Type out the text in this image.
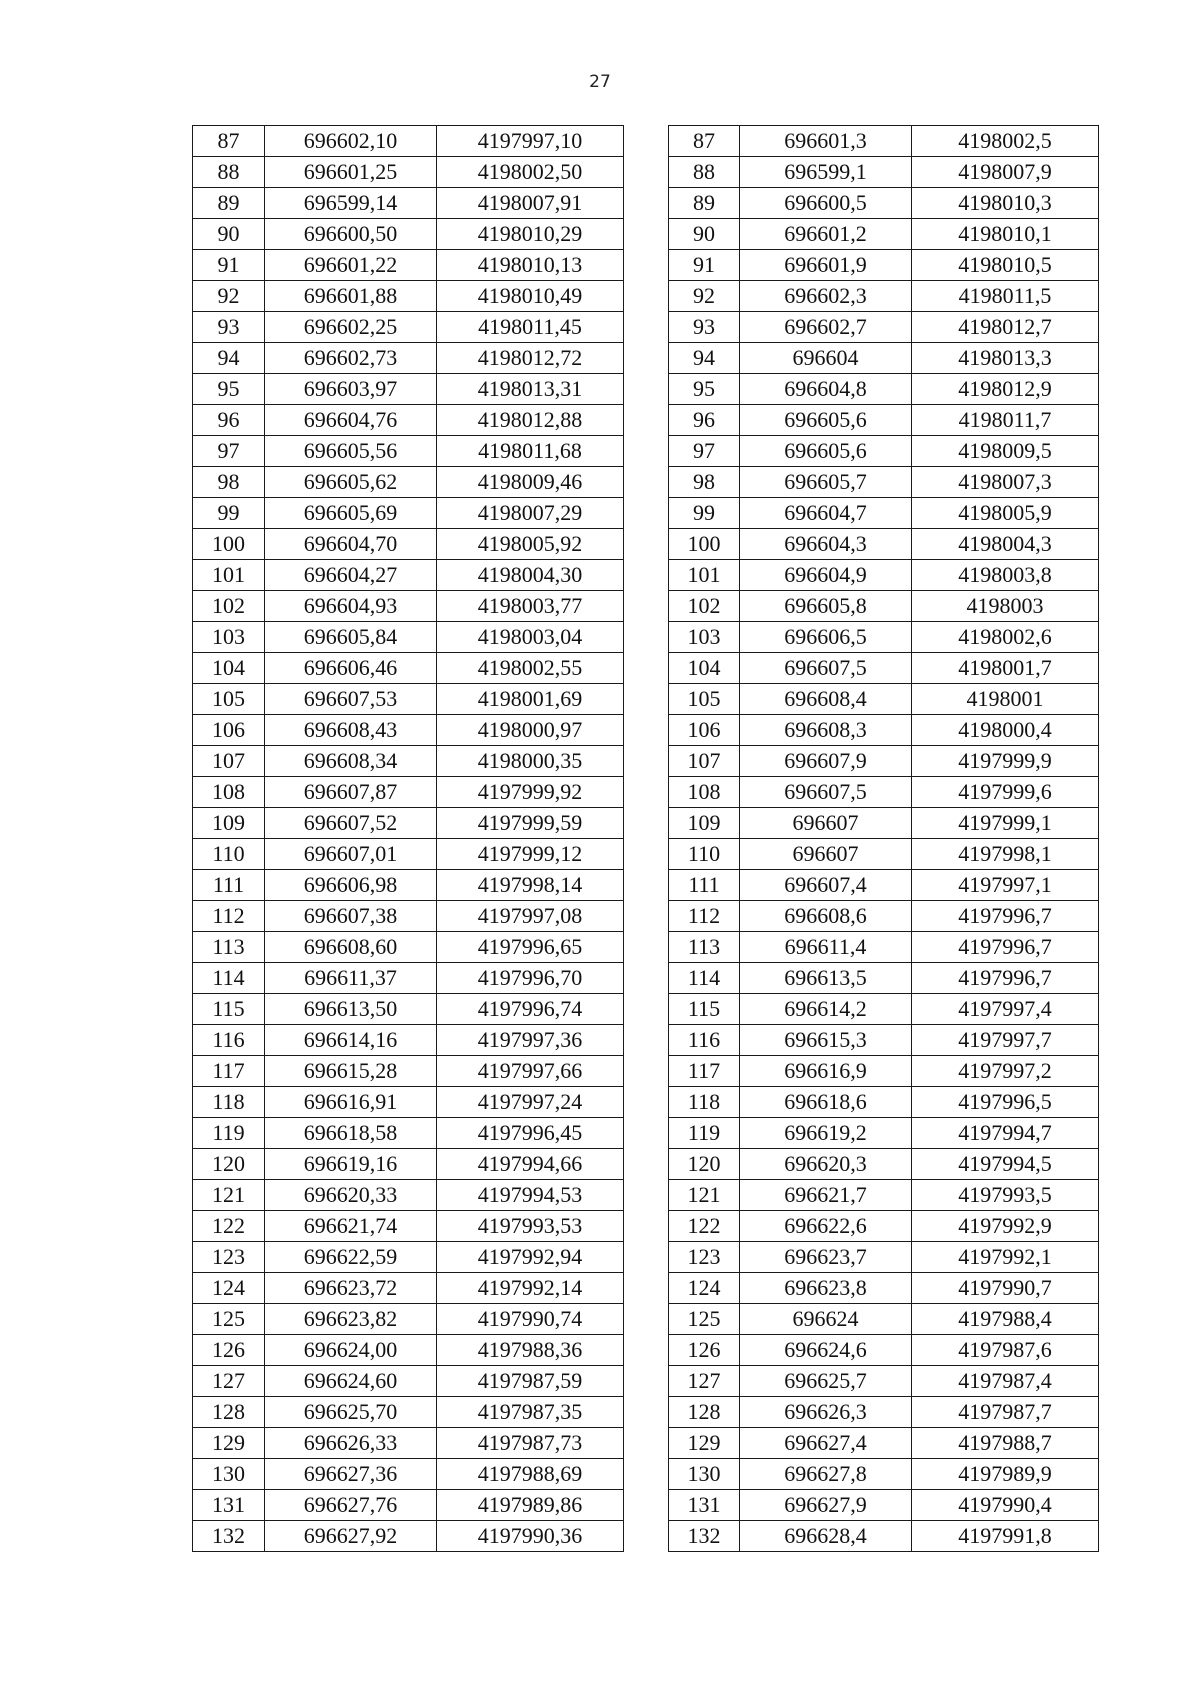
27
87	696602,10	4197997,10
88	696601,25	4198002,50
89	696599,14	4198007,91
90	696600,50	4198010,29
91	696601,22	4198010,13
92	696601,88	4198010,49
93	696602,25	4198011,45
94	696602,73	4198012,72
95	696603,97	4198013,31
96	696604,76	4198012,88
97	696605,56	4198011,68
98	696605,62	4198009,46
99	696605,69	4198007,29
100	696604,70	4198005,92
101	696604,27	4198004,30
102	696604,93	4198003,77
103	696605,84	4198003,04
104	696606,46	4198002,55
105	696607,53	4198001,69
106	696608,43	4198000,97
107	696608,34	4198000,35
108	696607,87	4197999,92
109	696607,52	4197999,59
110	696607,01	4197999,12
111	696606,98	4197998,14
112	696607,38	4197997,08
113	696608,60	4197996,65
114	696611,37	4197996,70
115	696613,50	4197996,74
116	696614,16	4197997,36
117	696615,28	4197997,66
118	696616,91	4197997,24
119	696618,58	4197996,45
120	696619,16	4197994,66
121	696620,33	4197994,53
122	696621,74	4197993,53
123	696622,59	4197992,94
124	696623,72	4197992,14
125	696623,82	4197990,74
126	696624,00	4197988,36
127	696624,60	4197987,59
128	696625,70	4197987,35
129	696626,33	4197987,73
130	696627,36	4197988,69
131	696627,76	4197989,86
132	696627,92	4197990,36
87	696601,3	4198002,5
88	696599,1	4198007,9
89	696600,5	4198010,3
90	696601,2	4198010,1
91	696601,9	4198010,5
92	696602,3	4198011,5
93	696602,7	4198012,7
94	696604	4198013,3
95	696604,8	4198012,9
96	696605,6	4198011,7
97	696605,6	4198009,5
98	696605,7	4198007,3
99	696604,7	4198005,9
100	696604,3	4198004,3
101	696604,9	4198003,8
102	696605,8	4198003
103	696606,5	4198002,6
104	696607,5	4198001,7
105	696608,4	4198001
106	696608,3	4198000,4
107	696607,9	4197999,9
108	696607,5	4197999,6
109	696607	4197999,1
110	696607	4197998,1
111	696607,4	4197997,1
112	696608,6	4197996,7
113	696611,4	4197996,7
114	696613,5	4197996,7
115	696614,2	4197997,4
116	696615,3	4197997,7
117	696616,9	4197997,2
118	696618,6	4197996,5
119	696619,2	4197994,7
120	696620,3	4197994,5
121	696621,7	4197993,5
122	696622,6	4197992,9
123	696623,7	4197992,1
124	696623,8	4197990,7
125	696624	4197988,4
126	696624,6	4197987,6
127	696625,7	4197987,4
128	696626,3	4197987,7
129	696627,4	4197988,7
130	696627,8	4197989,9
131	696627,9	4197990,4
132	696628,4	4197991,8
